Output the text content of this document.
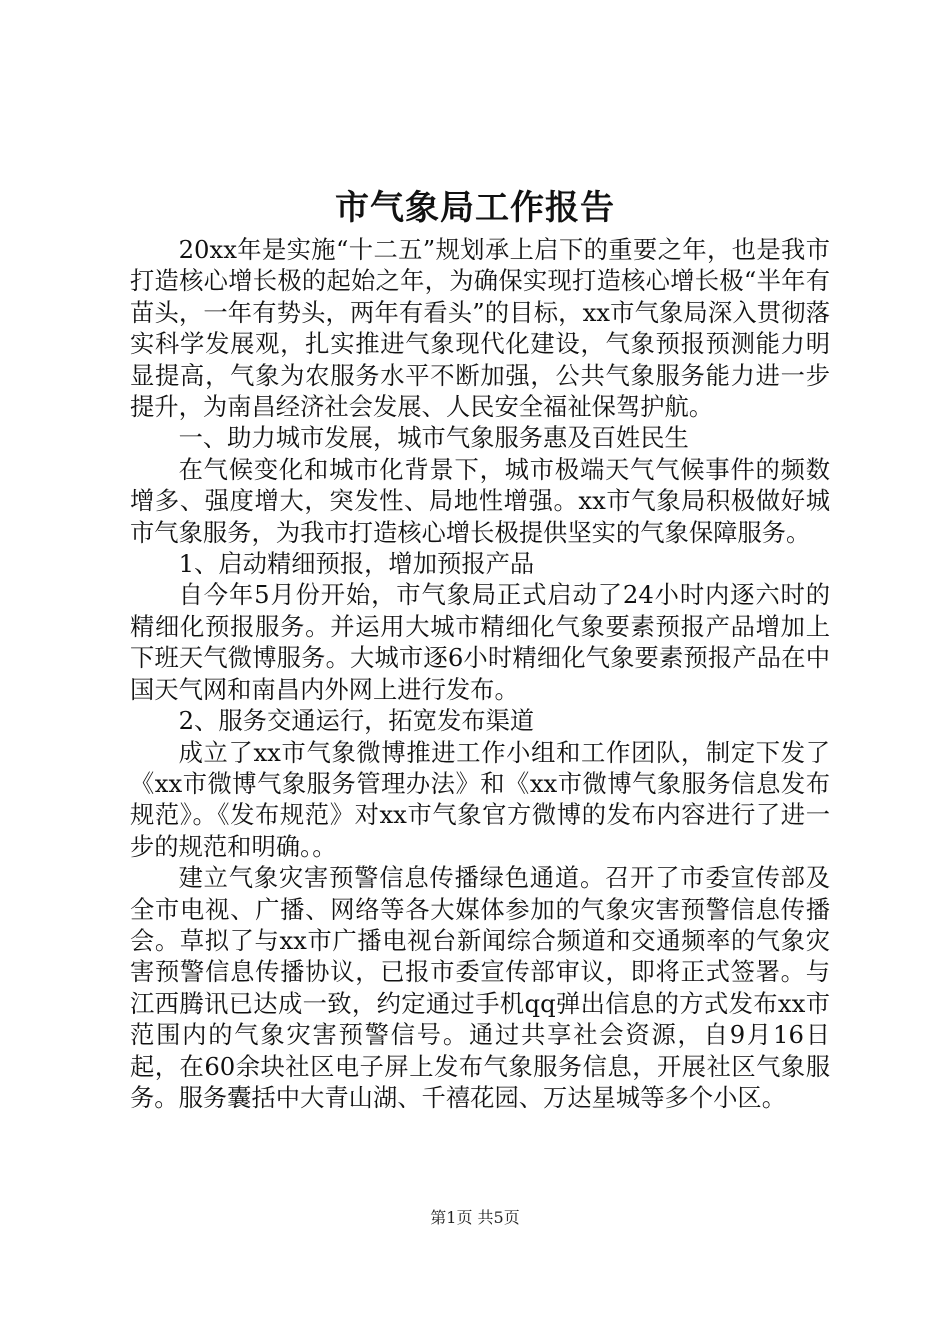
市气象局工作报告

20xx年是实施“十二五”规划承上启下的重要之年，也是我市打造核心增长极的起始之年，为确保实现打造核心增长极“半年有苗头，一年有势头，两年有看头”的目标，xx市气象局深入贯彻落实科学发展观，扎实推进气象现代化建设，气象预报预测能力明显提高，气象为农服务水平不断加强，公共气象服务能力进一步提升，为南昌经济社会发展、人民安全福祉保驾护航。

一、助力城市发展，城市气象服务惠及百姓民生

在气候变化和城市化背景下，城市极端天气气候事件的频数增多、强度增大，突发性、局地性增强。xx市气象局积极做好城市气象服务，为我市打造核心增长极提供坚实的气象保障服务。

1、启动精细预报，增加预报产品

自今年5月份开始，市气象局正式启动了24小时内逐六时的精细化预报服务。并运用大城市精细化气象要素预报产品增加上下班天气微博服务。大城市逐6小时精细化气象要素预报产品在中国天气网和南昌内外网上进行发布。

2、服务交通运行，拓宽发布渠道

成立了xx市气象微博推进工作小组和工作团队，制定下发了《xx市微博气象服务管理办法》和《xx市微博气象服务信息发布规范》。《发布规范》对xx市气象官方微博的发布内容进行了进一步的规范和明确。。

建立气象灾害预警信息传播绿色通道。召开了市委宣传部及全市电视、广播、网络等各大媒体参加的气象灾害预警信息传播会。草拟了与xx市广播电视台新闻综合频道和交通频率的气象灾害预警信息传播协议，已报市委宣传部审议，即将正式签署。与江西腾讯已达成一致，约定通过手机qq弹出信息的方式发布xx市范围内的气象灾害预警信号。通过共享社会资源，自9月16日起，在60余块社区电子屏上发布气象服务信息，开展社区气象服务。服务囊括中大青山湖、千禧花园、万达星城等多个小区。

第1页 共5页
